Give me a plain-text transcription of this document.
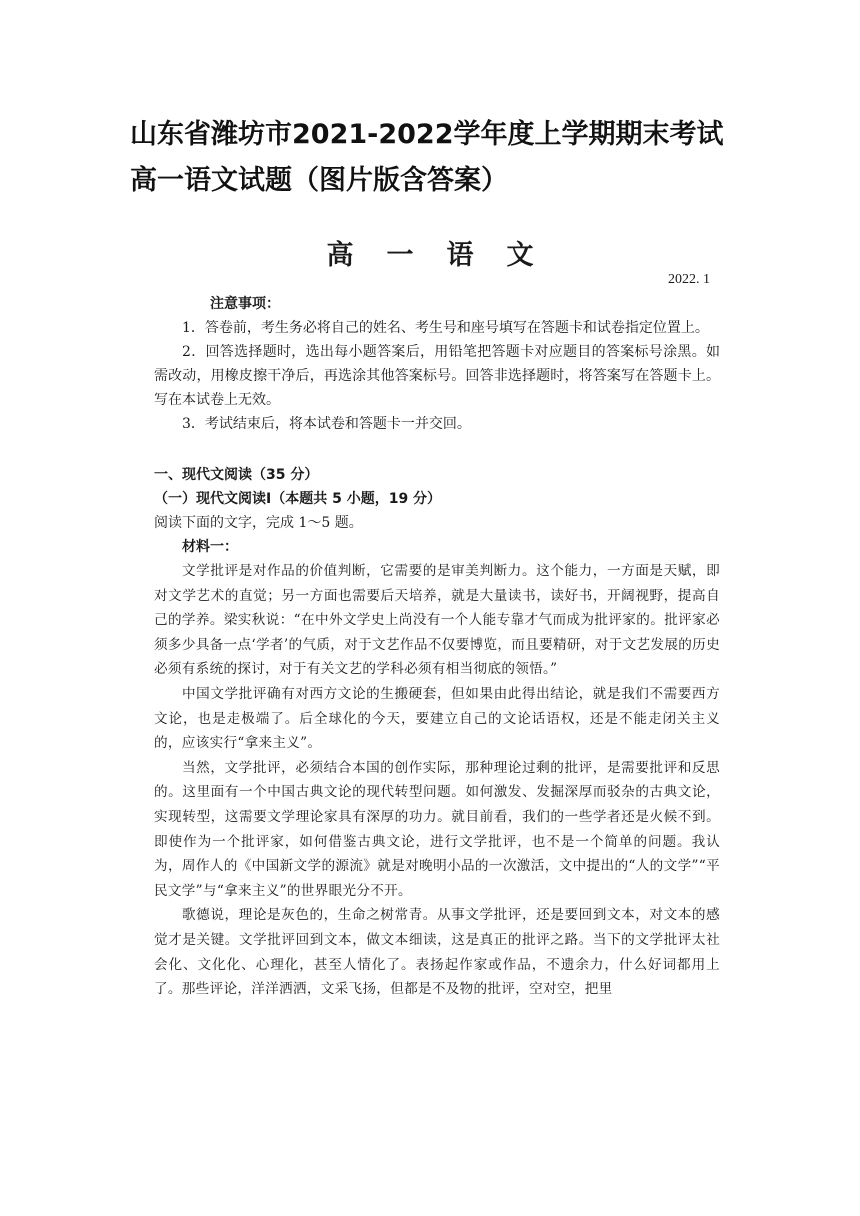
山东省潍坊市2021-2022学年度上学期期末考试高一语文试题（图片版含答案）
高一语文
2022. 1

注意事项：

1．答卷前，考生务必将自己的姓名、考生号和座号填写在答题卡和试卷指定位置上。

2．回答选择题时，选出每小题答案后，用铅笔把答题卡对应题目的答案标号涂黑。如需改动，用橡皮擦干净后，再选涂其他答案标号。回答非选择题时，将答案写在答题卡上。写在本试卷上无效。

3．考试结束后，将本试卷和答题卡一并交回。

一、现代文阅读（35 分）

（一）现代文阅读Ⅰ（本题共 5 小题，19 分）

阅读下面的文字，完成 1～5 题。

材料一：

文学批评是对作品的价值判断，它需要的是审美判断力。这个能力，一方面是天赋，即对文学艺术的直觉；另一方面也需要后天培养，就是大量读书，读好书，开阔视野，提高自己的学养。梁实秋说：“在中外文学史上尚没有一个人能专靠才气而成为批评家的。批评家必须多少具备一点‘学者’的气质，对于文艺作品不仅要博览，而且要精研，对于文艺发展的历史必须有系统的探讨，对于有关文艺的学科必须有相当彻底的领悟。”

中国文学批评确有对西方文论的生搬硬套，但如果由此得出结论，就是我们不需要西方文论，也是走极端了。后全球化的今天，要建立自己的文论话语权，还是不能走闭关主义的，应该实行“拿来主义”。

当然，文学批评，必须结合本国的创作实际，那种理论过剩的批评，是需要批评和反思的。这里面有一个中国古典文论的现代转型问题。如何激发、发掘深厚而驳杂的古典文论，实现转型，这需要文学理论家具有深厚的功力。就目前看，我们的一些学者还是火候不到。即使作为一个批评家，如何借鉴古典文论，进行文学批评，也不是一个简单的问题。我认为，周作人的《中国新文学的源流》就是对晚明小品的一次激活，文中提出的“人的文学”“平民文学”与“拿来主义”的世界眼光分不开。

歌德说，理论是灰色的，生命之树常青。从事文学批评，还是要回到文本，对文本的感觉才是关键。文学批评回到文本，做文本细读，这是真正的批评之路。当下的文学批评太社会化、文化化、心理化，甚至人情化了。表扬起作家或作品，不遗余力，什么好词都用上了。那些评论，洋洋洒洒，文采飞扬，但都是不及物的批评，空对空，把里
